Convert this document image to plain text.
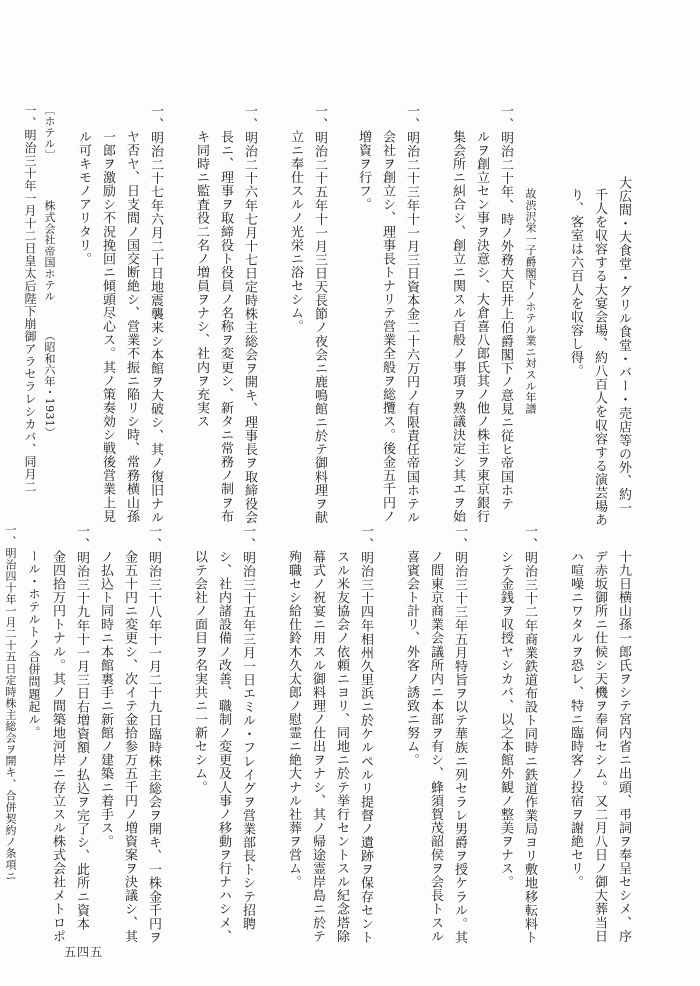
大広間・大食堂・グリル食堂・バー・売店等の外、約一
千人を収容する大宴会場、約八百人を収容する演芸場あ
り、客室は六百人を収容し得。
故渋沢栄一子爵閣下ノホテル業ニ対スル年譜
一、明治二十年、時ノ外務大臣井上伯爵閣下ノ意見ニ従ヒ帝国ホテ
ルヲ創立セン事ヲ決意シ、大倉喜八郎氏其ノ他ノ株主ヲ東京銀行
集会所ニ糾合シ、創立ニ関スル百般ノ事項ヲ熟議決定シ其エヲ始
一、明治二十三年十一月三日資本金二十六万円ノ有限責任帝国ホテル
会社ヲ創立シ、理事長トナリテ営業全般ヲ総攬ス。後金五千円ノ
増資ヲ行フ。
一、明治二十五年十一月三日天長節ノ夜会ニ鹿鳴館ニ於テ御料理ヲ献
立ニ奉仕スルノ光栄ニ浴セシム。
一、明治二十六年七月十七日定時株主総会ヲ開キ、理事長ヲ取締役会
長ニ、理事ヲ取締役ト役員ノ名称ヲ変更シ、新タニ常務ノ制ヲ布
キ同時ニ監査役二名ノ増員ヲナシ、社内ヲ充実ス
一、明治二十七年六月二十日地震襲来シ本館ヲ大破シ、其ノ復旧ナル
ヤ否ヤ、日支間ノ国交断絶シ、営業不振ニ陥リシ時、常務横山孫
一郎ヲ激励シ不況挽回ニ傾頭尽心ス。其ノ策奏効シ戦後営業上見
ル可キモノアリタリ。
一、明治三十年一月十二日皇太后陛下崩御アラセラレシカバ、同月二
十九日横山孫一郎氏ヲシテ宮内省ニ出頭、弔詞ヲ奉呈セシメ、序
デ赤坂御所ニ仕候シ天機ヲ奉伺セシム。又二月八日ノ御大葬当日
ハ喧噪ニワタルヲ恐レ、特ニ臨時客ノ投宿ヲ謝絶セリ。
一、明治三十二年商業鉄道布設ト同時ニ鉄道作業局ヨリ敷地移転料ト
シテ金銭ヲ収授ヤシカバ、以之本館外観ノ整美ヲナス。
一、明治三十三年五月特旨ヲ以テ華族ニ列セラレ男爵ヲ授ケラル。其
ノ間東京商業会議所内ニ本部ヲ有シ、蜂須賀茂韶侯ヲ会長トスル
喜賓会ト計リ、外客ノ誘致ニ努ム。
一、明治三十四年相州久里浜ニ於ケルペルリ提督ノ遺跡ヲ保存セント
スル米友協会ノ依頼ニヨリ、同地ニ於テ挙行セントスル紀念塔除
幕式ノ祝宴ニ用スル御料理ノ仕出ヲナシ、其ノ帰途霊岸島ニ於テ
殉職セシ給仕鈴木久太郎ノ慰霊ニ絶大ナル社葬ヲ営ム。
一、明治三十五年三月一日エミル・フレイグヲ営業部長トシテ招聘
シ、社内諸設備ノ改善、職制ノ変更及人事ノ移動ヲ行ナハシメ、
以テ会社ノ面目ヲ名実共ニ一新セシム。
一、明治三十八年十一月二十九日臨時株主総会ヲ開キ、一株金千円ヲ
金五十円ニ変更シ、次イテ金拾参万五千円ノ増資案ヲ決議シ、其
ノ払込ト同時ニ本館裏手ニ新館ノ建築ニ着手ス。
一、明治三十九年十一月三日右増資額ノ払込ヲ完了シ、此所ニ資本
金四拾万円トナル。其ノ間築地河岸ニ存立スル株式会社メトロポ
ール・ホテルトノ合併問題起ル。
一、明治四十年一月二十五日定時株主総会ヲ開キ、合併契約ノ条項ニ
〔ホテル〕
株式会社帝国ホテル
（昭和六年・1931）
五四五
